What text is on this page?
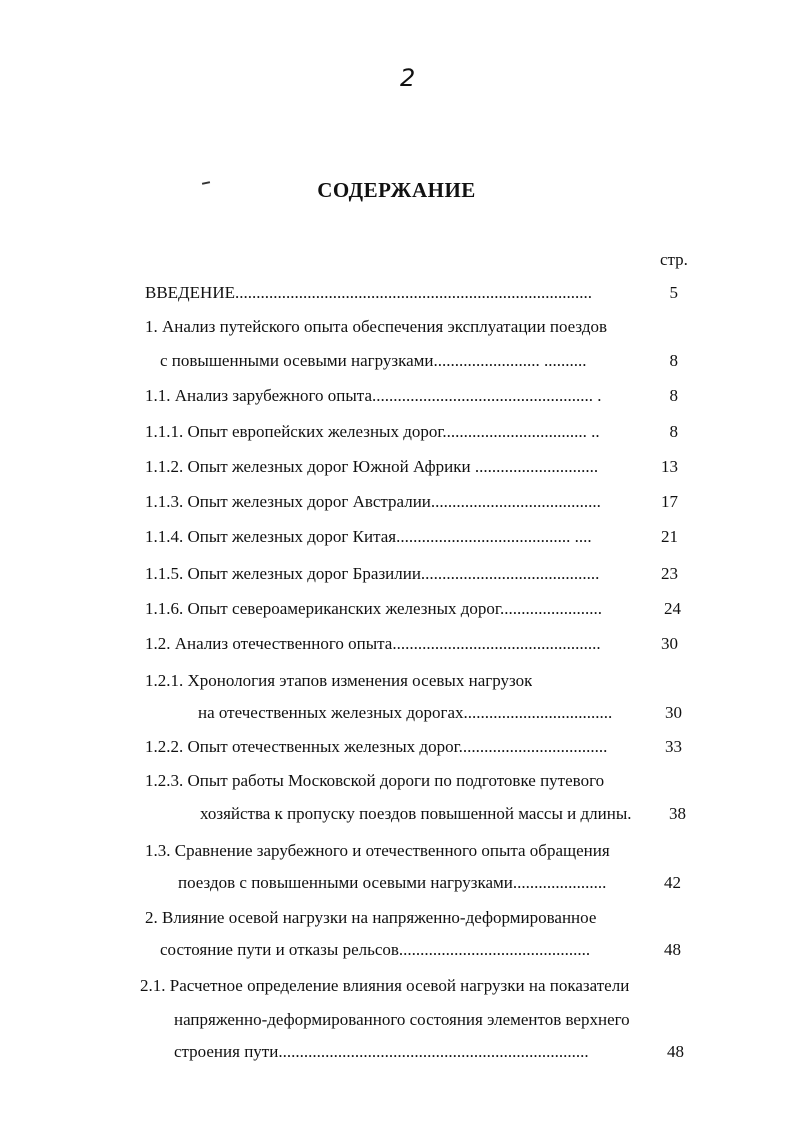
2
СОДЕРЖАНИЕ
стр.
ВВЕДЕНИЕ....................................................................................	5
1. Анализ путейского опыта обеспечения эксплуатации поездов
с повышенными осевыми нагрузками......................... ..........	8
1.1. Анализ зарубежного опыта.................................................... .	8
1.1.1. Опыт европейских железных дорог.................................. ..	8
1.1.2. Опыт железных дорог Южной Африки .............................	13
1.1.3. Опыт железных дорог Австралии........................................	17
1.1.4. Опыт железных дорог Китая......................................... ....	21
1.1.5. Опыт железных дорог Бразилии..........................................	23
1.1.6. Опыт североамериканских железных дорог........................	24
1.2. Анализ отечественного опыта.................................................	30
1.2.1. Хронология этапов изменения осевых нагрузок
на отечественных железных дорогах...................................	30
1.2.2. Опыт отечественных железных дорог...................................	33
1.2.3. Опыт работы Московской дороги по подготовке путевого
хозяйства к пропуску поездов повышенной массы и длины.	38
1.3. Сравнение зарубежного и отечественного опыта обращения
поездов с повышенными осевыми нагрузками......................	42
2. Влияние осевой нагрузки на напряженно-деформированное
состояние пути и отказы рельсов.............................................	48
2.1. Расчетное определение влияния осевой нагрузки на показатели
напряженно-деформированного состояния элементов верхнего
строения пути.........................................................................	48
